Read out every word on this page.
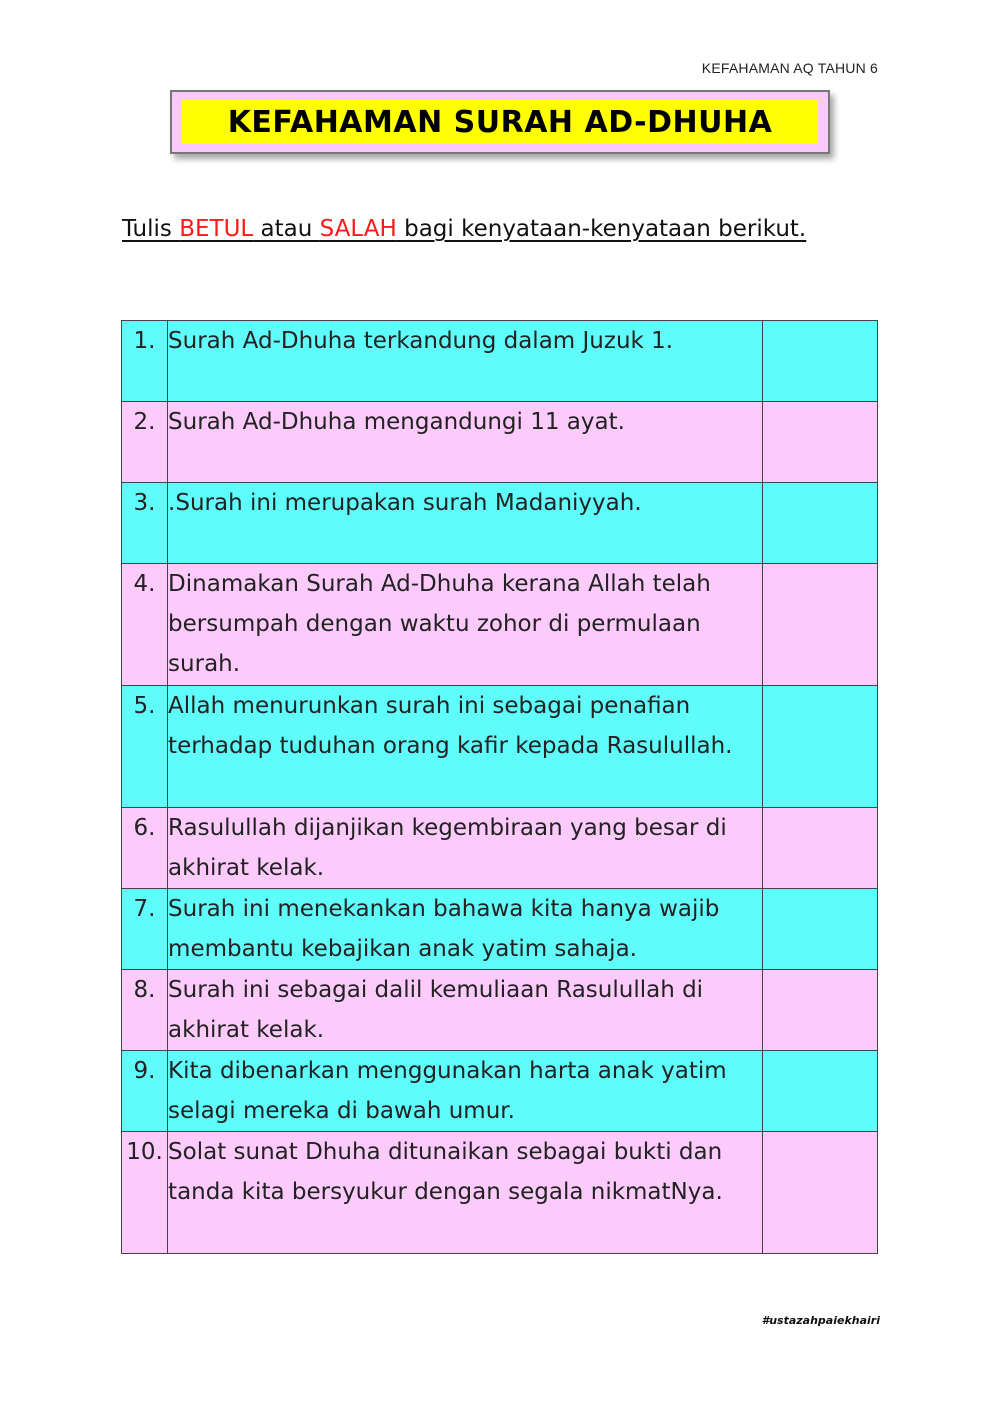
KEFAHAMAN AQ TAHUN 6
KEFAHAMAN SURAH AD-DHUHA
Tulis BETUL atau SALAH bagi kenyataan-kenyataan berikut.
1.	Surah Ad-Dhuha terkandung dalam Juzuk 1.	
2.	Surah Ad-Dhuha mengandungi 11 ayat.	
3.	.Surah ini merupakan surah Madaniyyah.	
4.	Dinamakan Surah Ad-Dhuha kerana Allah telah bersumpah dengan waktu zohor di permulaan surah.	
5.	Allah menurunkan surah ini sebagai penafian terhadap tuduhan orang kafir kepada Rasulullah.	
6.	Rasulullah dijanjikan kegembiraan yang besar di akhirat kelak.	
7.	Surah ini menekankan bahawa kita hanya wajib membantu kebajikan anak yatim sahaja.	
8.	Surah ini sebagai dalil kemuliaan Rasulullah di akhirat kelak.	
9.	Kita dibenarkan menggunakan harta anak yatim selagi mereka di bawah umur.	
10.	Solat sunat Dhuha ditunaikan sebagai bukti dan tanda kita bersyukur dengan segala nikmatNya.	
#ustazahpaiekhairi
